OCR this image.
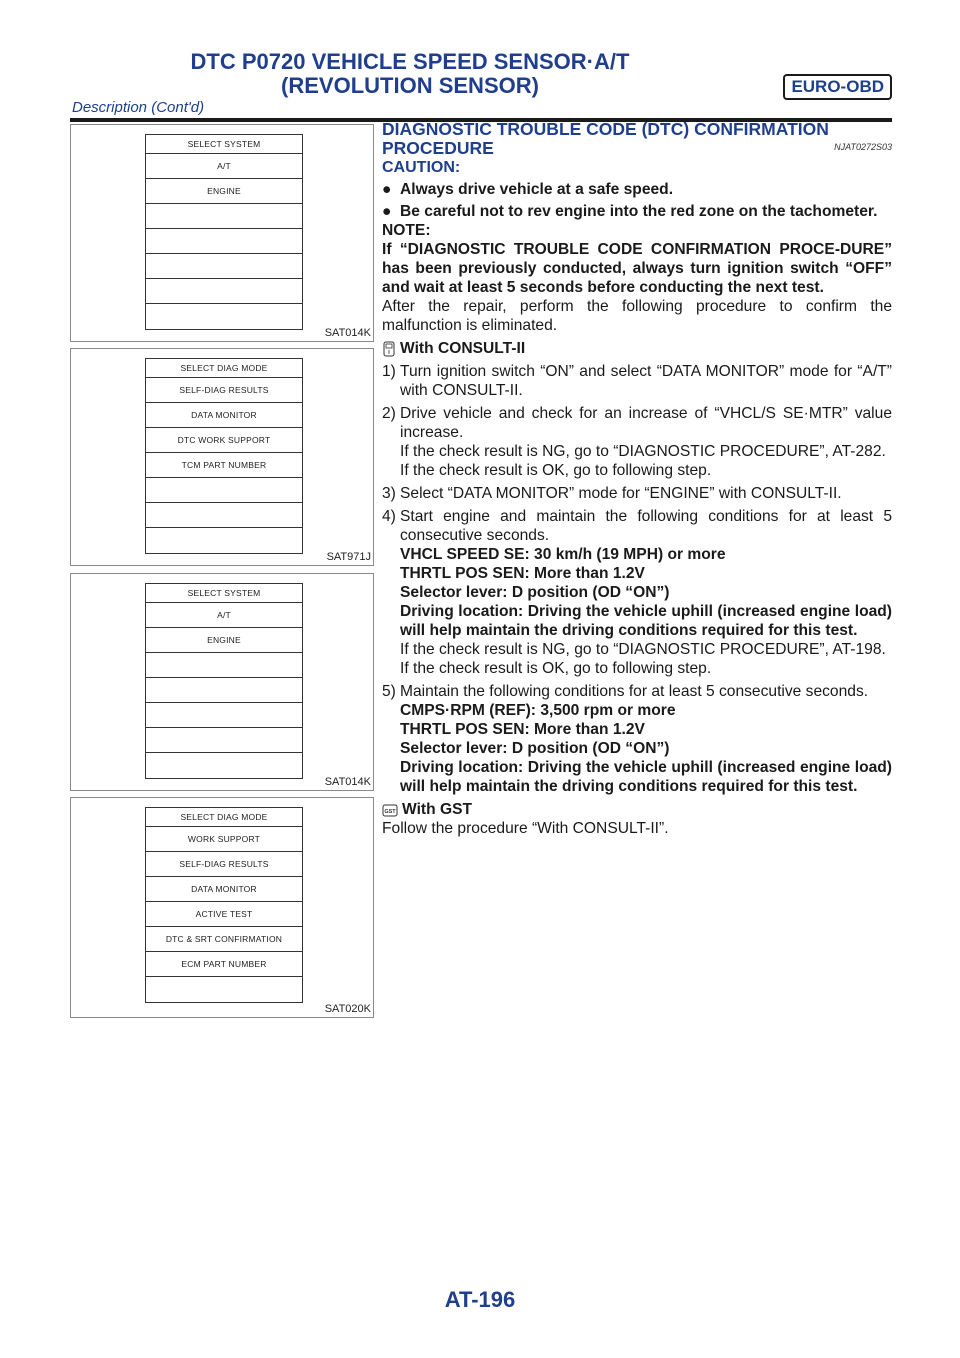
DTC P0720 VEHICLE SPEED SENSOR·A/T
(REVOLUTION SENSOR)	EURO-OBD
Description (Cont'd)
SELECT SYSTEM
A/T
ENGINE
SAT014K
SELECT DIAG MODE
SELF-DIAG RESULTS
DATA MONITOR
DTC WORK SUPPORT
TCM PART NUMBER
SAT971J
SELECT SYSTEM
A/T
ENGINE
SAT014K
SELECT DIAG MODE
WORK SUPPORT
SELF-DIAG RESULTS
DATA MONITOR
ACTIVE TEST
DTC & SRT CONFIRMATION
ECM PART NUMBER
SAT020K
DIAGNOSTIC TROUBLE CODE (DTC) CONFIRMATION PROCEDURE	NJAT0272S03

CAUTION:

● Always drive vehicle at a safe speed.
● Be careful not to rev engine into the red zone on the tachometer.

NOTE:

If “DIAGNOSTIC TROUBLE CODE CONFIRMATION PROCE-DURE” has been previously conducted, always turn ignition switch “OFF” and wait at least 5 seconds before conducting the next test.

After the repair, perform the following procedure to confirm the malfunction is eliminated.

With CONSULT-II
1) Turn ignition switch “ON” and select “DATA MONITOR” mode for “A/T” with CONSULT-II.
2) Drive vehicle and check for an increase of “VHCL/S SE·MTR” value increase.
If the check result is NG, go to “DIAGNOSTIC PROCEDURE”, AT-282.
If the check result is OK, go to following step.
3) Select “DATA MONITOR” mode for “ENGINE” with CONSULT-II.
4) Start engine and maintain the following conditions for at least 5 consecutive seconds.
VHCL SPEED SE: 30 km/h (19 MPH) or more
THRTL POS SEN: More than 1.2V
Selector lever: D position (OD “ON”)
Driving location: Driving the vehicle uphill (increased engine load) will help maintain the driving conditions required for this test.
If the check result is NG, go to “DIAGNOSTIC PROCEDURE”, AT-198.
If the check result is OK, go to following step.
5) Maintain the following conditions for at least 5 consecutive seconds.
CMPS·RPM (REF): 3,500 rpm or more
THRTL POS SEN: More than 1.2V
Selector lever: D position (OD “ON”)
Driving location: Driving the vehicle uphill (increased engine load) will help maintain the driving conditions required for this test.
GST With GST

Follow the procedure “With CONSULT-II”.

AT-196
